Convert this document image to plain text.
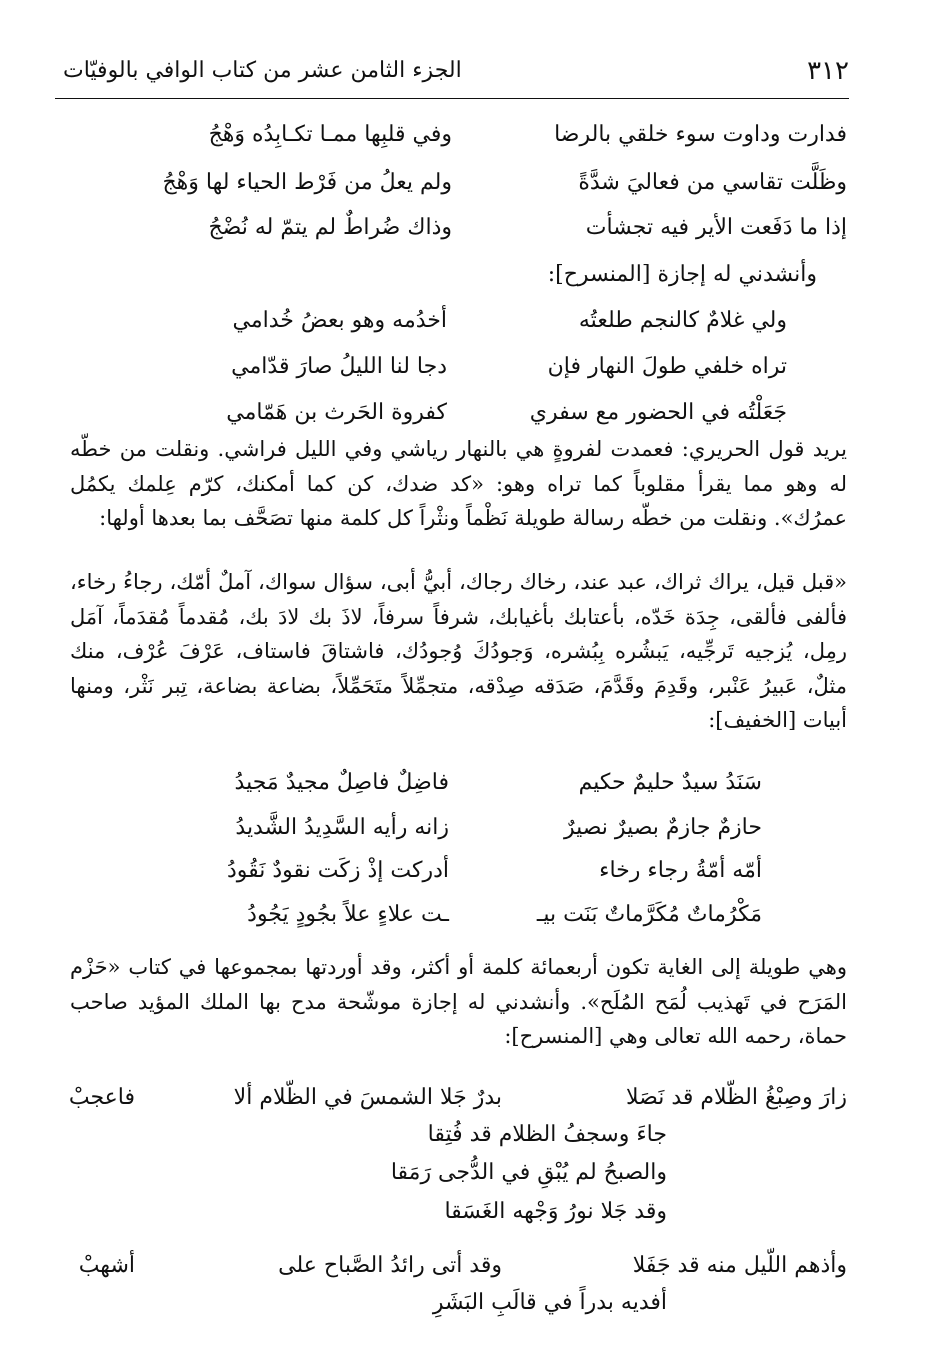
الجزء الثامن عشر من كتاب الوافي بالوفيّات	٣١٢
فدارت وداوت سوء خلقي بالرضا
وفي قلبِها ممـا تكـابِدُه وَهْجُ
وظَلَّت تقاسي من فعاليَ شدَّةً
ولم يعلُ من فَرْط الحياء لها وَهْجُ
إذا ما دَفَعت الأير فيه تجشأت
وذاك ضُراطٌ لم يتمّ له نُضْجُ
وأنشدني له إجازة [المنسرح]:
ولي غلامٌ كالنجم طلعتُه
أخدُمه وهو بعضُ خُدامي
تراه خلفي طولَ النهار فإن
دجا لنا الليلُ صارَ قدّامي
جَعَلْتُه في الحضور مع سفري
كفروة الحَرث بن هَمّامي

يريد قول الحريري: فعمدت لفروةٍ هي بالنهار رياشي وفي الليل فراشي. ونقلت من خطّه له وهو مما يقرأ مقلوباً كما تراه وهو: «كد ضدك، كن كما أمكنك، كرّم عِلمك يكمُل عمرُك». ونقلت من خطّه رسالة طويلة نَظْماً ونثْراً كل كلمة منها تصَحَّف بما بعدها أولها:

«قبل قيل، يراك ثراك، عبد عند، رخاك رجاك، أبيُّ أبى، سؤال سواك، آملٌ أمّك، رجاءُ رخاء، فألفى فألقى، جِدَة خَدّه، بأعتابك بأغيابك، شرفاً سرفاً، لاذَ بك لادَ بك، مُقدماً مُقدَماً، آمَل رمِل، يُزجيه تَرجِّيه، يَبشُره بِبُشره، وَجودُكَ وُجودُك، فاشتاقَ فاستاف، عَرْفَ عُرْف، منك مثلٌ، عَبيرُ عَنْبر، وقَدِمَ وقَدَّمَ، صَدَقه صِدْقه، متجمِّلاً متَحَمِّلاً، بضاعة بضاعة، تِبر نَثْر، ومنها أبيات [الخفيف]:

سَنَدُ سيدٌ حليمٌ حكيم
فاضِلٌ فاصِلٌ مجيدٌ مَجيدُ
حازمٌ جازمٌ بصيرٌ نصيرٌ
زانه رأيه السَّدِيدُ الشَّديدُ
أمّه أمّةُ رجاء رخاء
أدركت إذْ زكَت نقودٌ نَقُودُ
مَكْرُماتٌ مُكَرَّماتٌ بَنَت بيـ
ـت علاءٍ علاً بجُودٍ يَجُودُ

وهي طويلة إلى الغاية تكون أربعمائة كلمة أو أكثر، وقد أوردتها بمجموعها في كتاب «حَزْم المَرَح في تَهذيب لُمَح المُلَح». وأنشدني له إجازة موشّحة مدح بها الملك المؤيد صاحب حماة، رحمه الله تعالى وهي [المنسرح]:

زارَ وصِبْغُ الظّلام قد نَصَلا
بدرٌ جَلا الشمسَ في الظّلام ألا
فاعجبْ
جاءَ وسجفُ الظلام قد فُتِقا
والصبحُ لم يُبْقِ في الدُّجى رَمَقا
وقد جَلا نورُ وَجْهه الغَسَقا
وأذهم اللّيل منه قد جَفَلا
وقد أتى رائدُ الصَّباح على
أشهبْ
أفديه بدراً في قالَبِ البَشَرِ
